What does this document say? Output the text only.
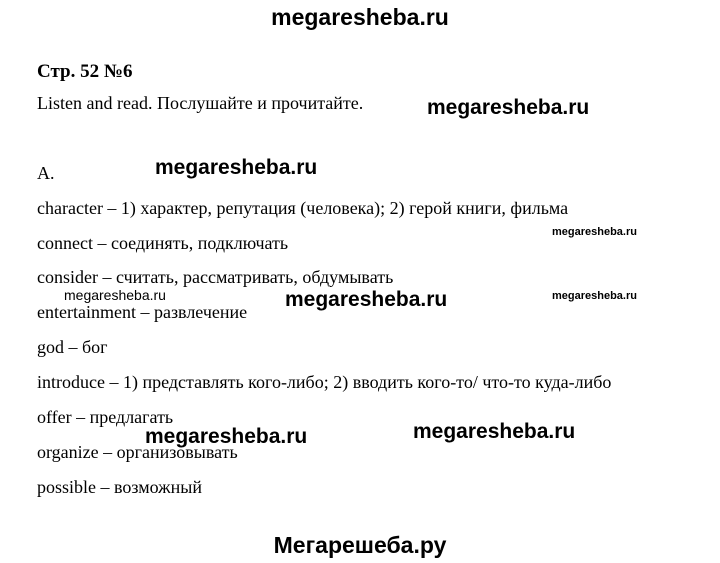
megaresheba.ru
Стр. 52 №6
Listen and read. Послушайте и прочитайте.
A.
character – 1) характер, репутация (человека); 2) герой книги, фильма
connect – соединять, подключать
consider – считать, рассматривать, обдумывать
entertainment – развлечение
god – бог
introduce – 1) представлять кого-либо; 2) вводить кого-то/ что-то куда-либо
offer – предлагать
organize – организовывать
possible – возможный
megaresheba.ru
megaresheba.ru
megaresheba.ru
megaresheba.ru	megaresheba.ru	megaresheba.ru
megaresheba.ru	megaresheba.ru
Мегарешеба.ру
